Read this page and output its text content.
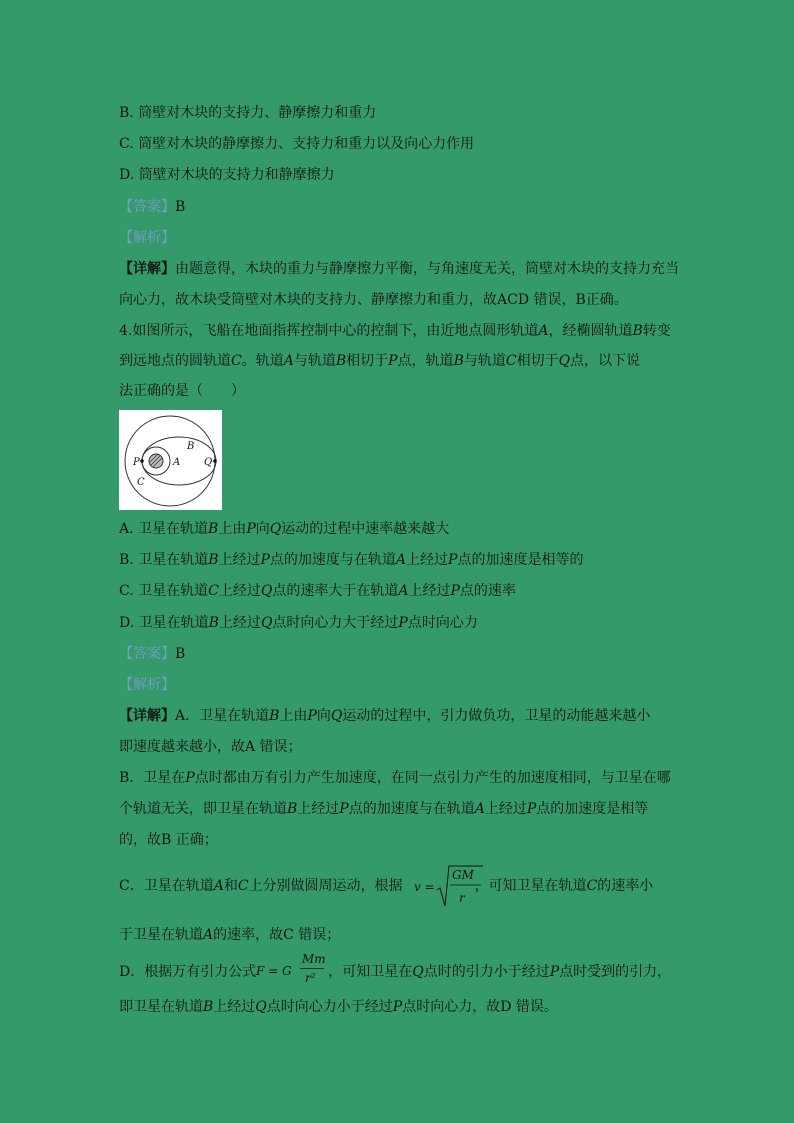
B. 筒壁对木块的支持力、静摩擦力和重力
C. 筒壁对木块的静摩擦力、支持力和重力以及向心力作用
D. 筒壁对木块的支持力和静摩擦力
【答案】B
【解析】
【详解】由题意得，木块的重力与静摩擦力平衡，与角速度无关，筒壁对木块的支持力充当
向心力，故木块受筒壁对木块的支持力、静摩擦力和重力，故ACD 错误，B正确。
4.如图所示，飞船在地面指挥控制中心的控制下，由近地点圆形轨道A，经椭圆轨道B转变
到远地点的圆轨道C。轨道A与轨道B相切于P点，轨道B与轨道C相切于Q点，以下说
法正确的是（　　）
P	A
B
Q
C
A. 卫星在轨道B上由P向Q运动的过程中速率越来越大
B. 卫星在轨道B上经过P点的加速度与在轨道A上经过P点的加速度是相等的
C. 卫星在轨道C上经过Q点的速率大于在轨道A上经过P点的速率
D. 卫星在轨道B上经过Q点时向心力大于经过P点时向心力
【答案】B
【解析】
【详解】A．卫星在轨道B上由P向Q运动的过程中，引力做负功，卫星的动能越来越小
即速度越来越小，故A 错误；
B．卫星在P点时都由万有引力产生加速度，在同一点引力产生的加速度相同，与卫星在哪
个轨道无关，即卫星在轨道B上经过P点的加速度与在轨道A上经过P点的加速度是相等
的，故B 正确；
C．卫星在轨道A和C上分别做圆周运动，根据	，可知卫星在轨道C的速率小
v =
GM
r
于卫星在轨道A的速率，故C 错误；
D．根据万有引力公式	，可知卫星在Q点时的引力小于经过P点时受到的引力，
F = G
Mm
r²
即卫星在轨道B上经过Q点时向心力小于经过P点时向心力，故D 错误。
